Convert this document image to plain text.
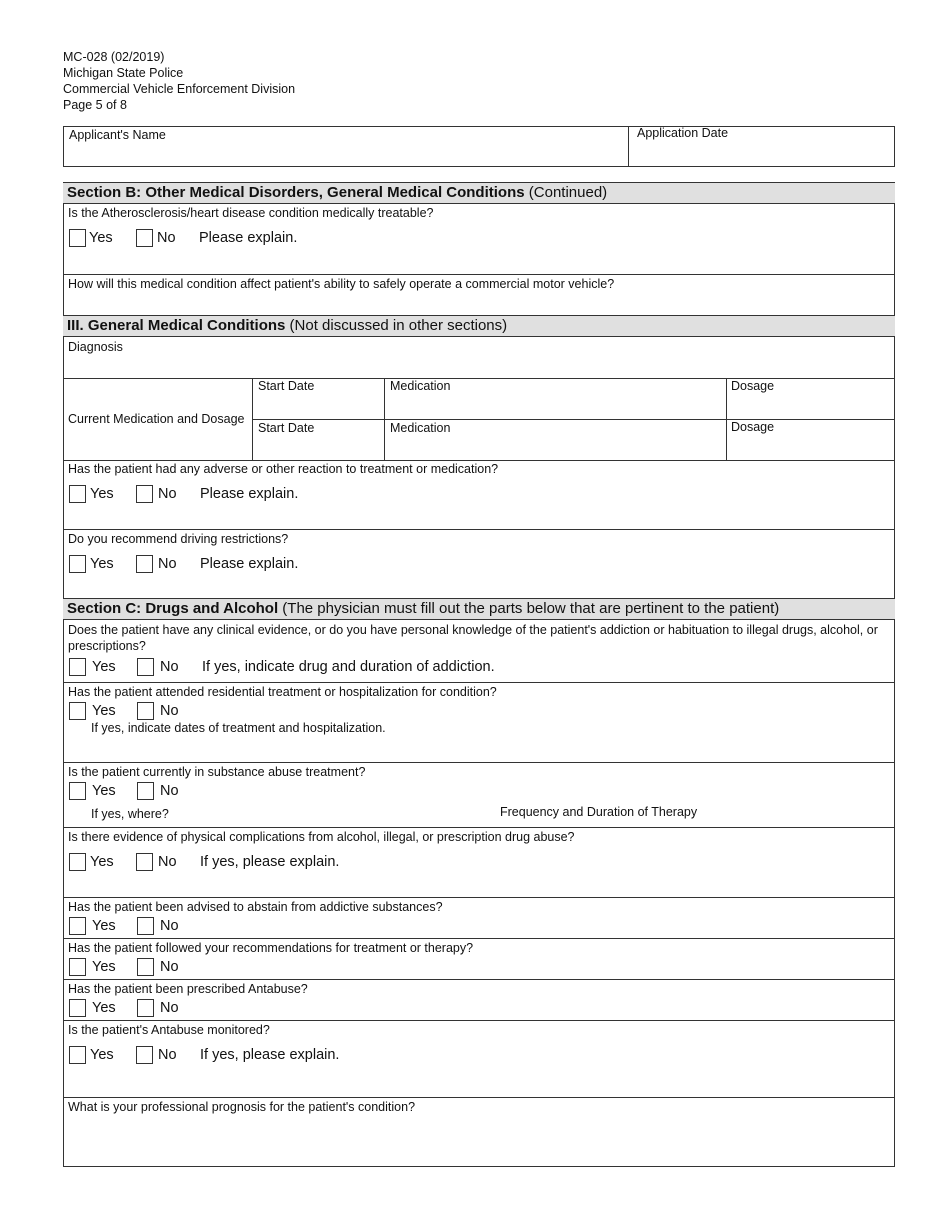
MC-028 (02/2019)
Michigan State Police
Commercial Vehicle Enforcement Division
Page 5 of 8
Applicant's Name	Application Date
Section B: Other Medical Disorders, General Medical Conditions (Continued)
Is the Atherosclerosis/heart disease condition medically treatable?
Yes	No Please explain.
How will this medical condition affect patient's ability to safely operate a commercial motor vehicle?
III. General Medical Conditions (Not discussed in other sections)
Diagnosis
Current Medication and Dosage
Start Date	Medication	Dosage
Start Date	Medication	Dosage
Has the patient had any adverse or other reaction to treatment or medication?
Yes	No Please explain.
Do you recommend driving restrictions?
Yes	No Please explain.
Section C: Drugs and Alcohol (The physician must fill out the parts below that are pertinent to the patient)
Does the patient have any clinical evidence, or do you have personal knowledge of the patient's addiction or habituation to illegal drugs, alcohol, or
prescriptions?
Yes	No If yes, indicate drug and duration of addiction.
Has the patient attended residential treatment or hospitalization for condition?
Yes	No
If yes, indicate dates of treatment and hospitalization.
Is the patient currently in substance abuse treatment?
Yes	No
If yes, where?	Frequency and Duration of Therapy
Is there evidence of physical complications from alcohol, illegal, or prescription drug abuse?
Yes	No If yes, please explain.
Has the patient been advised to abstain from addictive substances?
Yes	No
Has the patient followed your recommendations for treatment or therapy?
Yes	No
Has the patient been prescribed Antabuse?
Yes	No
Is the patient's Antabuse monitored?
Yes	No If yes, please explain.
What is your professional prognosis for the patient's condition?
